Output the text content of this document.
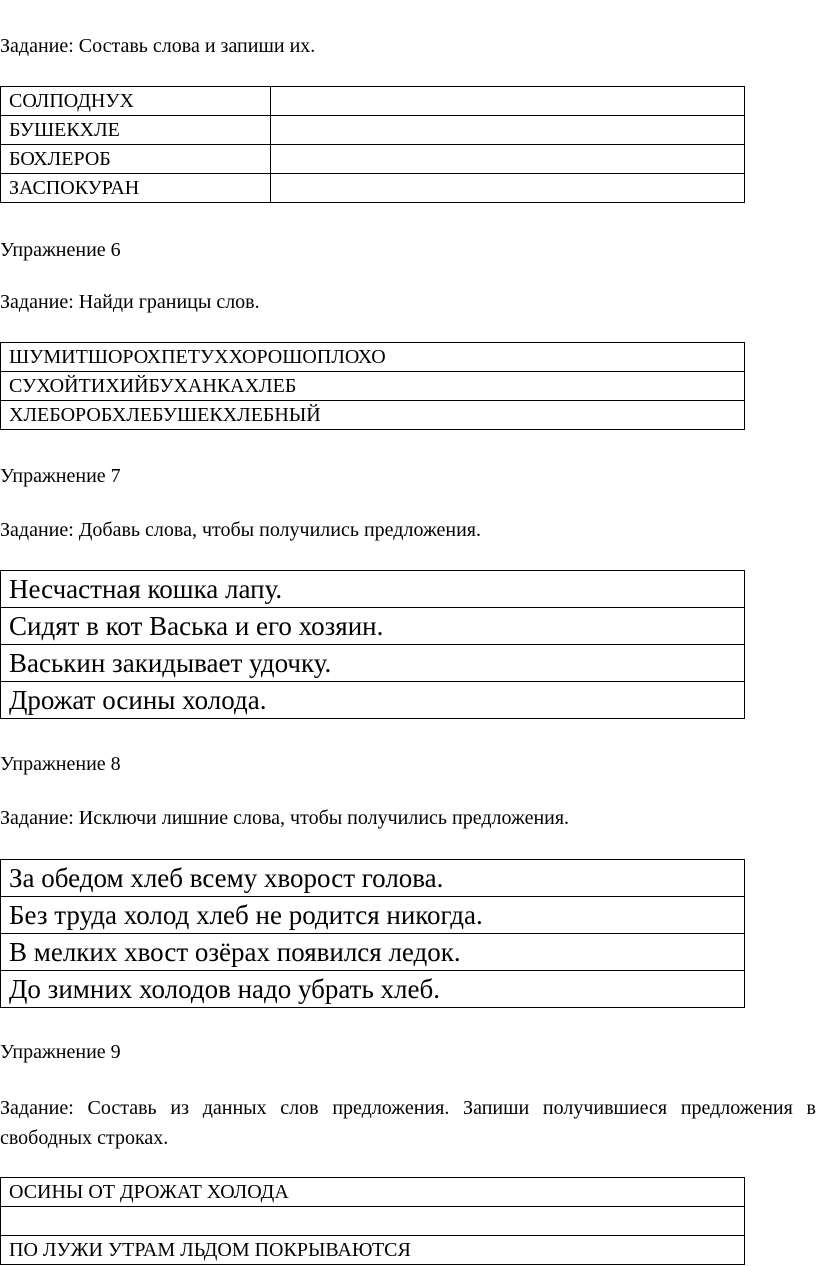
Задание: Составь слова и запиши их.
СОЛПОДНУХ	
БУШЕКХЛЕ	
БОХЛЕРОБ	
ЗАСПОКУРАН	
Упражнение 6
Задание: Найди границы слов.
ШУМИТШОРОХПЕТУХХОРОШОПЛОХО
СУХОЙТИХИЙБУХАНКАХЛЕБ
ХЛЕБОРОБХЛЕБУШЕКХЛЕБНЫЙ
Упражнение 7
Задание: Добавь слова, чтобы получились предложения.
Несчастная кошка лапу.
Сидят в кот Васька и его хозяин.
Васькин закидывает удочку.
Дрожат осины холода.
Упражнение 8
Задание: Исключи лишние слова, чтобы получились предложения.
За обедом хлеб всему хворост голова.
Без труда холод хлеб не родится никогда.
В мелких хвост озёрах появился ледок.
До зимних холодов надо убрать хлеб.
Упражнение 9
Задание: Составь из данных слов предложения. Запиши получившиеся предложения в свободных строках.
ОСИНЫ ОТ ДРОЖАТ ХОЛОДА

ПО ЛУЖИ УТРАМ ЛЬДОМ ПОКРЫВАЮТСЯ
